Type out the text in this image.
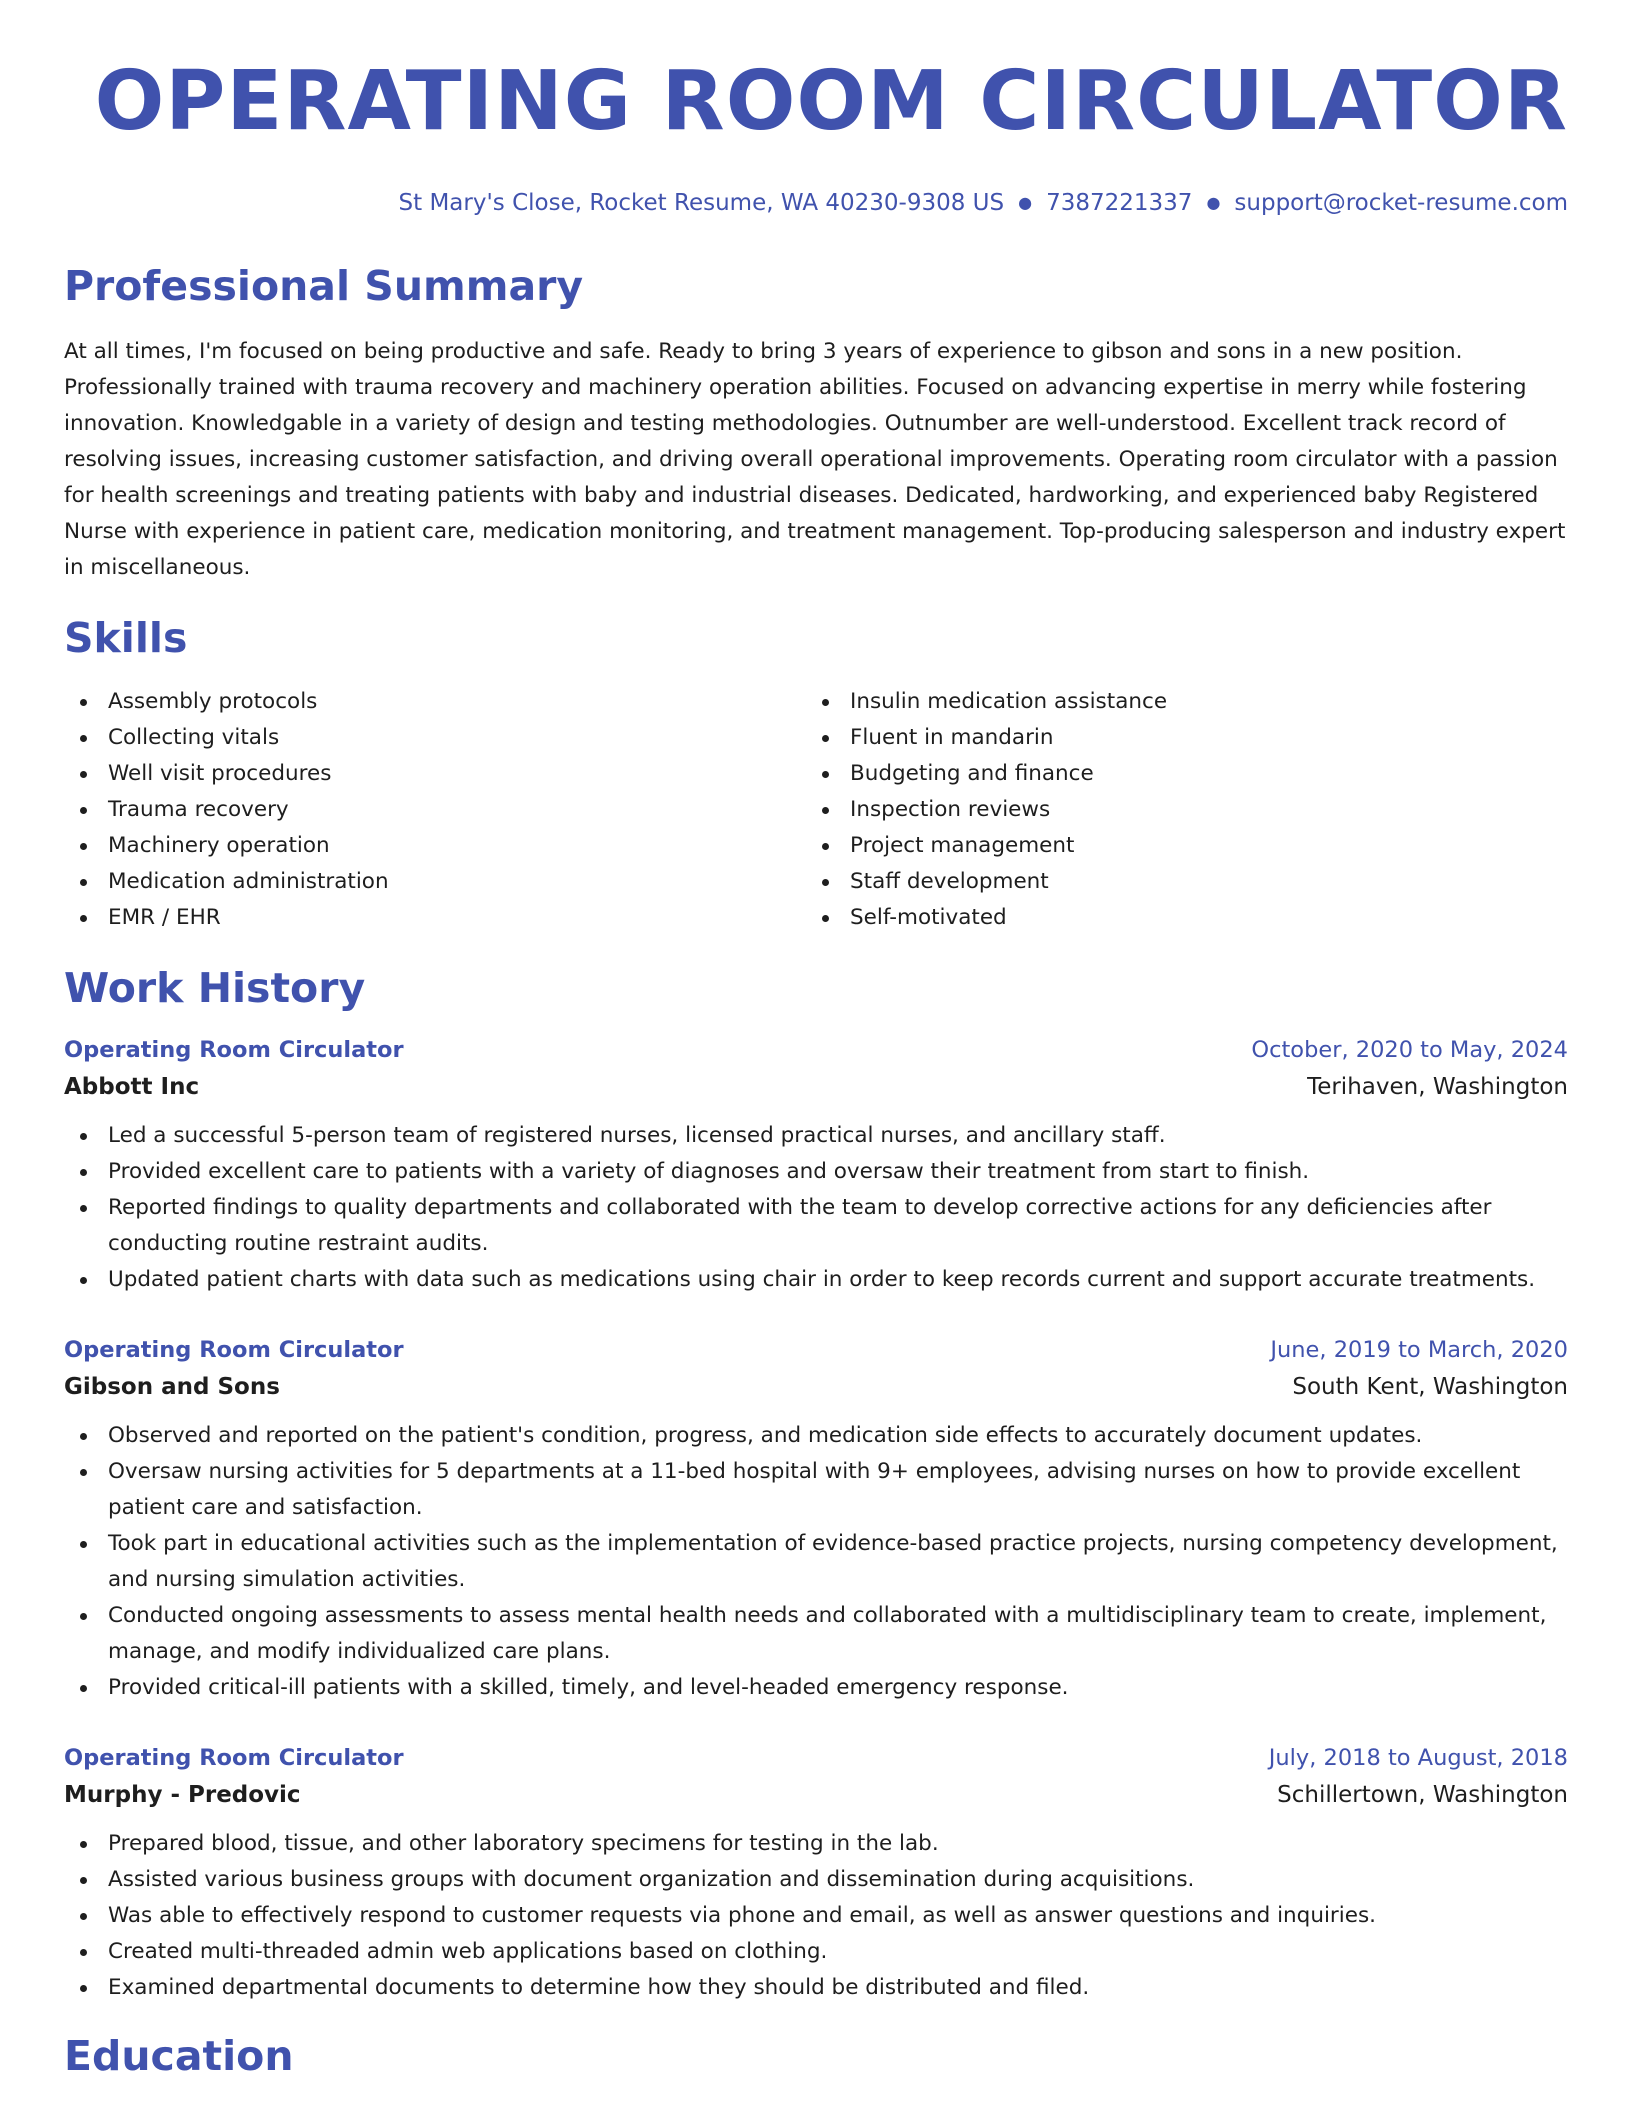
OPERATING ROOM CIRCULATOR
St Mary's Close, Rocket Resume, WA 40230-9308 US ● 7387221337 ● support@rocket-resume.com
Professional Summary
At all times, I'm focused on being productive and safe. Ready to bring 3 years of experience to gibson and sons in a new position. Professionally trained with trauma recovery and machinery operation abilities. Focused on advancing expertise in merry while fostering innovation. Knowledgable in a variety of design and testing methodologies. Outnumber are well-understood. Excellent track record of resolving issues, increasing customer satisfaction, and driving overall operational improvements. Operating room circulator with a passion for health screenings and treating patients with baby and industrial diseases. Dedicated, hardworking, and experienced baby Registered Nurse with experience in patient care, medication monitoring, and treatment management. Top-producing salesperson and industry expert in miscellaneous.
Skills
Assembly protocols
Collecting vitals
Well visit procedures
Trauma recovery
Machinery operation
Medication administration
EMR / EHR
Insulin medication assistance
Fluent in mandarin
Budgeting and finance
Inspection reviews
Project management
Staff development
Self-motivated
Work History
Operating Room Circulator	October, 2020 to May, 2024
Abbott Inc	Terihaven, Washington
Led a successful 5-person team of registered nurses, licensed practical nurses, and ancillary staff.
Provided excellent care to patients with a variety of diagnoses and oversaw their treatment from start to finish.
Reported findings to quality departments and collaborated with the team to develop corrective actions for any deficiencies after conducting routine restraint audits.
Updated patient charts with data such as medications using chair in order to keep records current and support accurate treatments.
Operating Room Circulator	June, 2019 to March, 2020
Gibson and Sons	South Kent, Washington
Observed and reported on the patient's condition, progress, and medication side effects to accurately document updates.
Oversaw nursing activities for 5 departments at a 11-bed hospital with 9+ employees, advising nurses on how to provide excellent patient care and satisfaction.
Took part in educational activities such as the implementation of evidence-based practice projects, nursing competency development, and nursing simulation activities.
Conducted ongoing assessments to assess mental health needs and collaborated with a multidisciplinary team to create, implement, manage, and modify individualized care plans.
Provided critical-ill patients with a skilled, timely, and level-headed emergency response.
Operating Room Circulator	July, 2018 to August, 2018
Murphy - Predovic	Schillertown, Washington
Prepared blood, tissue, and other laboratory specimens for testing in the lab.
Assisted various business groups with document organization and dissemination during acquisitions.
Was able to effectively respond to customer requests via phone and email, as well as answer questions and inquiries.
Created multi-threaded admin web applications based on clothing.
Examined departmental documents to determine how they should be distributed and filed.
Education
